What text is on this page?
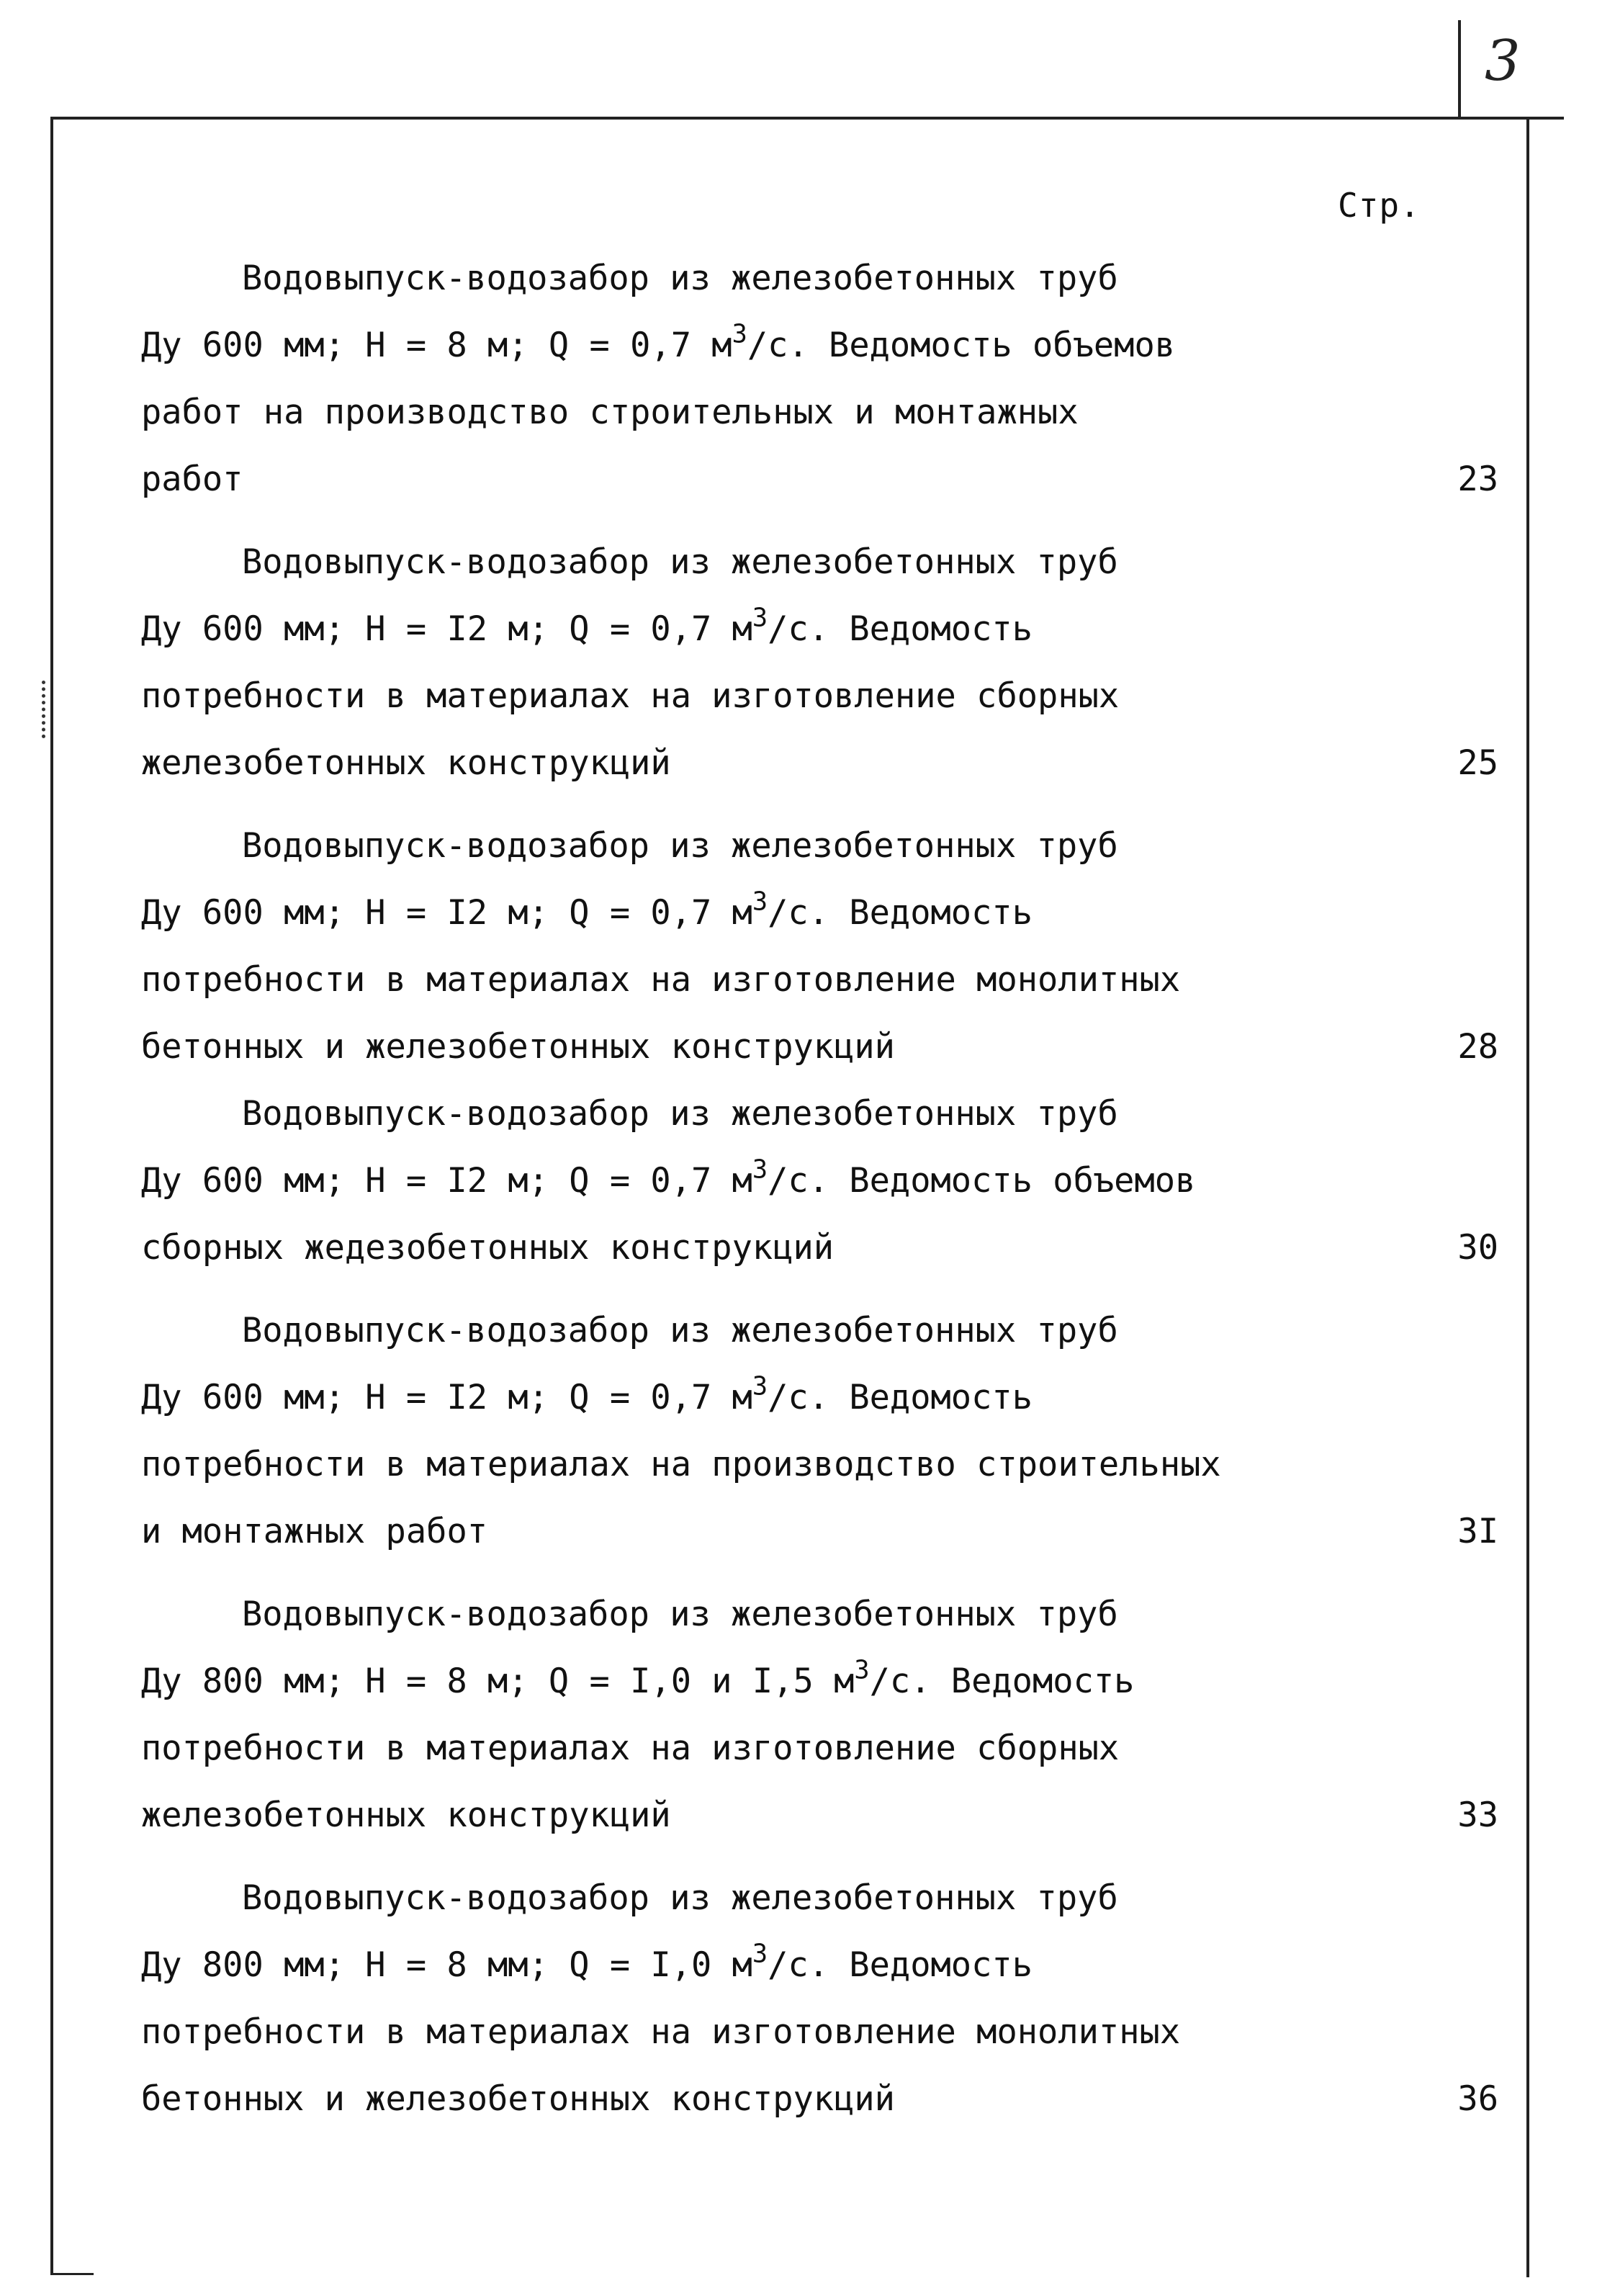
3
Стр.
Водовыпуск-водозабор из железобетонных труб
Ду 600 мм; Н = 8 м; Q = 0,7 $м^3/с$. Ведомость объемов
работ на производство строительных и монтажных
работ	23
Водовыпуск-водозабор из железобетонных труб
Ду 600 мм; Н = I2 м; Q = 0,7 $м^3/с$. Ведомость
потребности в материалах на изготовление сборных
железобетонных конструкций	25
Водовыпуск-водозабор из железобетонных труб
Ду 600 мм; Н = I2 м; Q = 0,7 $м^3/с$. Ведомость
потребности в материалах на изготовление монолитных
бетонных и железобетонных конструкций	28
Водовыпуск-водозабор из железобетонных труб
Ду 600 мм; Н = I2 м; Q = 0,7 $м^3/с$. Ведомость объемов
сборных жедезобетонных конструкций	30
Водовыпуск-водозабор из железобетонных труб
Ду 600 мм; Н = I2 м; Q = 0,7 $м^3/с$. Ведомость
потребности в материалах на производство строительных
и монтажных работ	3I
Водовыпуск-водозабор из железобетонных труб
Ду 800 мм; Н = 8 м; Q = I,0 и I,5 $м^3/с$. Ведомость
потребности в материалах на изготовление сборных
железобетонных конструкций	33
Водовыпуск-водозабор из железобетонных труб
Ду 800 мм; Н = 8 мм; Q = I,0 $м^3/с$. Ведомость
потребности в материалах на изготовление монолитных
бетонных и железобетонных конструкций	36
